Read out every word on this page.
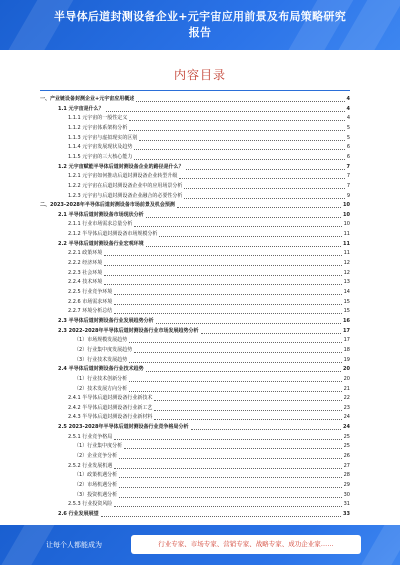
半导体后道封测设备企业+元宇宙应用前景及布局策略研究报告
内容目录
一、产业链设备封测企业+元宇宙应用概述	4
1.1 元宇宙是什么？	4
1.1.1 元宇宙的一般性定义	4
1.1.2 元宇宙体系架构分析	5
1.1.3 元宇宙与虚拟现实的区别	5
1.1.4 元宇宙发展现状及趋势	6
1.1.5 元宇宙的三大核心能力	6
1.2 元宇宙赋能半导体后道封测设备企业的路径是什么？	7
1.2.1 元宇宙如何推动后道封测设备企业转型升级	7
1.2.2 元宇宙在后道封测设备企业中的应用场景分析	7
1.2.3 元宇宙与后道封测设备企业融合的必要性分析	9
二、2023-2028年半导体后道封测设备市场前景及机会预测	10
2.1 半导体后道封测设备市场现状分析	10
2.1.1 行业市场需求总量分析	10
2.1.2 半导体后道封测设备市场规模分析	11
2.2 半导体后道封测设备行业宏观环境	11
2.2.1 政策环境	11
2.2.2 经济环境	12
2.2.3 社会环境	12
2.2.4 技术环境	13
2.2.5 行业竞争环境	14
2.2.6 市场需求环境	15
2.2.7 环境分析总结	15
2.3 半导体后道封测设备行业发展趋势分析	16
2.3 2022-2028年半导体后道封测设备行业市场发展趋势分析	17
（1）市场规模发展趋势	17
（2）行业集中度发展趋势	18
（3）行业技术发展趋势	19
2.4 半导体后道封测设备行业技术趋势	20
（1）行业技术创新分析	20
（2）技术发展方向分析	21
2.4.1 半导体后道封测设备行业新技术	22
2.4.2 半导体后道封测设备行业新工艺	23
2.4.3 半导体后道封测设备行业新材料	24
2.5 2023-2028年半导体后道封测设备行业竞争格局分析	24
2.5.1 行业竞争格局	25
（1）行业集中度分析	25
（2）企业竞争分析	26
2.5.2 行业发展机遇	27
（1）政策机遇分析	28
（2）市场机遇分析	29
（3）投资机遇分析	30
2.5.3 行业投资风险	31
2.6 行业发展展望	33
让每个人都能成为	行业专家、市场专家、营销专家、战略专家、成功企业家……
